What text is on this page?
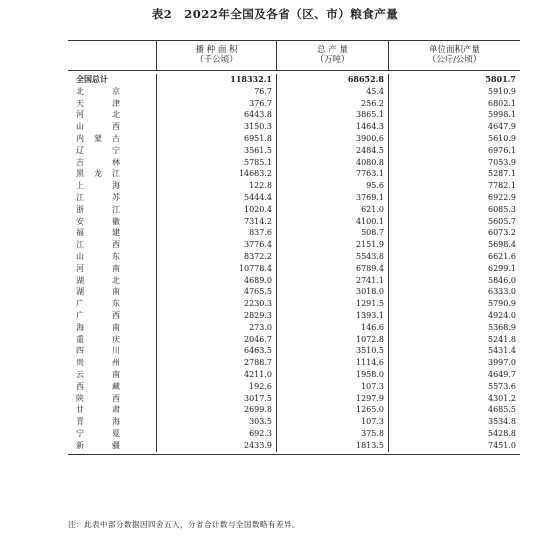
表2　2022年全国及各省（区、市）粮食产量
播 种 面 积
（千公顷）
总 产 量
（万吨）
单位面积产量
（公斤/公顷）
全国总计	118332.1	68652.8	5801.7
北　京	76.7	45.4	5910.9
天　津	376.7	256.2	6802.1
河　北	6443.8	3865.1	5998.1
山　西	3150.3	1464.3	4647.9
内蒙古	6951.8	3900.6	5610.9
辽　宁	3561.5	2484.5	6976.1
吉　林	5785.1	4080.8	7053.9
黑龙江	14683.2	7763.1	5287.1
上　海	122.8	95.6	7782.1
江　苏	5444.4	3769.1	6922.9
浙　江	1020.4	621.0	6085.3
安　徽	7314.2	4100.1	5605.7
福　建	837.6	508.7	6073.2
江　西	3776.4	2151.9	5698.4
山　东	8372.2	5543.8	6621.6
河　南	10778.4	6789.4	6299.1
湖　北	4689.0	2741.1	5846.0
湖　南	4765.5	3018.0	6333.0
广　东	2230.3	1291.5	5790.9
广　西	2829.3	1393.1	4924.0
海　南	273.0	146.6	5368.9
重　庆	2046.7	1072.8	5241.8
四　川	6463.5	3510.5	5431.4
贵　州	2788.7	1114.6	3997.0
云　南	4211.0	1958.0	4649.7
西　藏	192.6	107.3	5573.6
陕　西	3017.5	1297.9	4301.2
甘　肃	2699.8	1265.0	4685.5
青　海	303.5	107.3	3534.8
宁　夏	692.3	375.8	5428.8
新　疆	2433.9	1813.5	7451.0
注：此表中部分数据因四舍五入，分省合计数与全国数略有差异。
